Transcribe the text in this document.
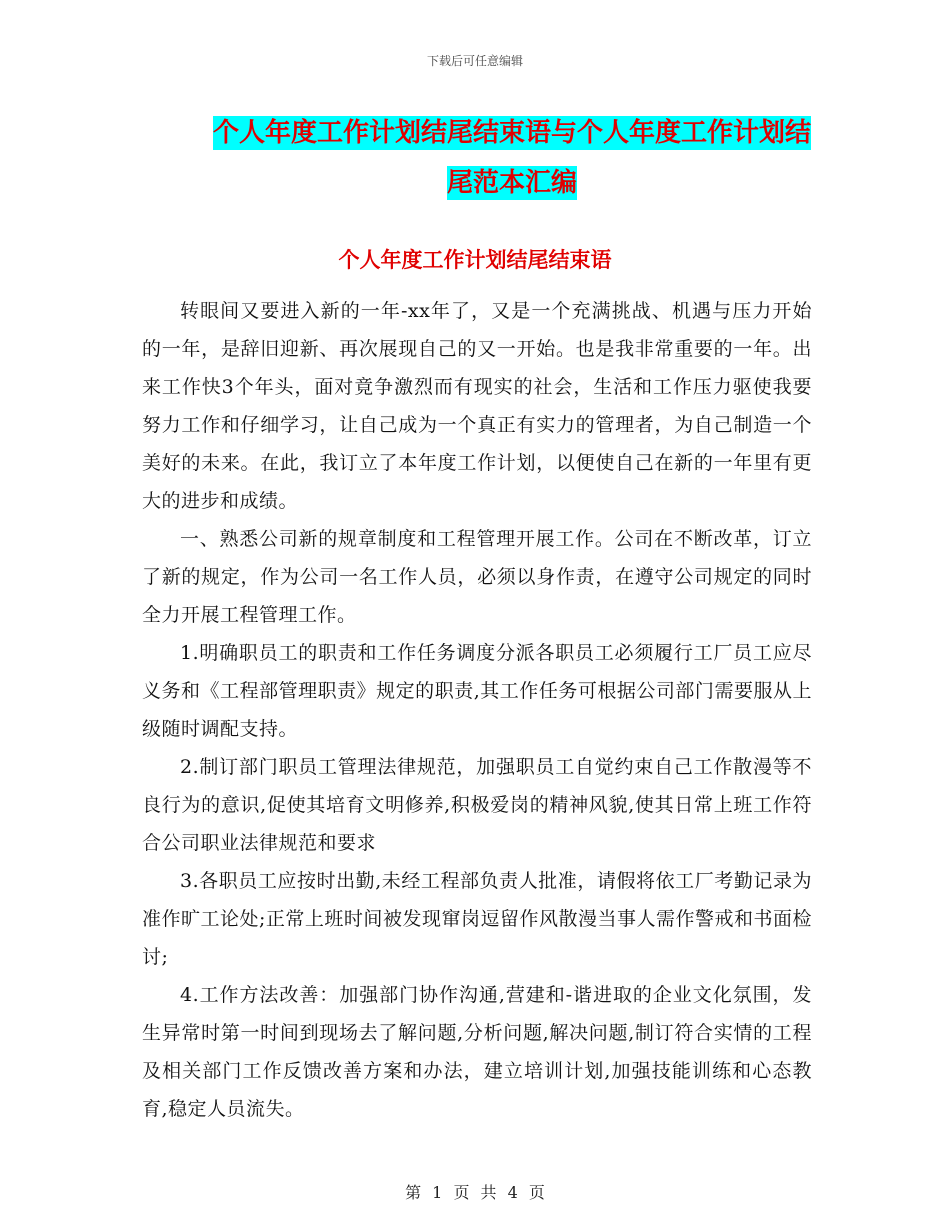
下载后可任意编辑
个人年度工作计划结尾结束语与个人年度工作计划结
尾范本汇编
个人年度工作计划结尾结束语

转眼间又要进入新的一年-xx年了，又是一个充满挑战、机遇与压力开始的一年，是辞旧迎新、再次展现自己的又一开始。也是我非常重要的一年。出来工作快3个年头，面对竟争激烈而有现实的社会，生活和工作压力驱使我要努力工作和仔细学习，让自己成为一个真正有实力的管理者，为自己制造一个美好的未来。在此，我订立了本年度工作计划，以便使自己在新的一年里有更大的进步和成绩。

一、熟悉公司新的规章制度和工程管理开展工作。公司在不断改革，订立了新的规定，作为公司一名工作人员，必须以身作责，在遵守公司规定的同时全力开展工程管理工作。

1.明确职员工的职责和工作任务调度分派各职员工必须履行工厂员工应尽义务和《工程部管理职责》规定的职责,其工作任务可根据公司部门需要服从上级随时调配支持。

2.制订部门职员工管理法律规范，加强职员工自觉约束自己工作散漫等不良行为的意识,促使其培育文明修养,积极爱岗的精神风貌,使其日常上班工作符合公司职业法律规范和要求

3.各职员工应按时出勤,未经工程部负责人批准，请假将依工厂考勤记录为准作旷工论处;正常上班时间被发现窜岗逗留作风散漫当事人需作警戒和书面检讨;

4.工作方法改善：加强部门协作沟通,营建和-谐进取的企业文化氛围，发生异常时第一时间到现场去了解问题,分析问题,解决问题,制订符合实情的工程及相关部门工作反馈改善方案和办法，建立培训计划,加强技能训练和心态教育,稳定人员流失。

第 1 页 共 4 页
